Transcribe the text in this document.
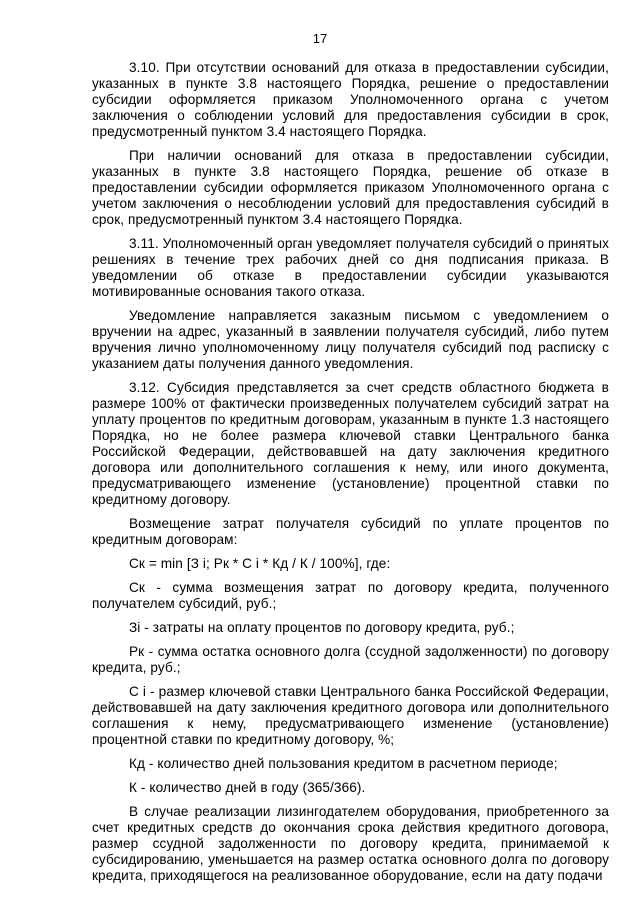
17

3.10. При отсутствии оснований для отказа в предоставлении субсидии, указанных в пункте 3.8 настоящего Порядка, решение о предоставлении субсидии оформляется приказом Уполномоченного органа с учетом заключения о соблюдении условий для предоставления субсидии в срок, предусмотренный пунктом 3.4 настоящего Порядка.

При наличии оснований для отказа в предоставлении субсидии, указанных в пункте 3.8 настоящего Порядка, решение об отказе в предоставлении субсидии оформляется приказом Уполномоченного органа с учетом заключения о несоблюдении условий для предоставления субсидий в срок, предусмотренный пунктом 3.4 настоящего Порядка.

3.11. Уполномоченный орган уведомляет получателя субсидий о принятых решениях в течение трех рабочих дней со дня подписания приказа. В уведомлении об отказе в предоставлении субсидии указываются мотивированные основания такого отказа.

Уведомление направляется заказным письмом с уведомлением о вручении на адрес, указанный в заявлении получателя субсидий, либо путем вручения лично уполномоченному лицу получателя субсидий под расписку с указанием даты получения данного уведомления.

3.12. Субсидия представляется за счет средств областного бюджета в размере 100% от фактически произведенных получателем субсидий затрат на уплату процентов по кредитным договорам, указанным в пункте 1.3 настоящего Порядка, но не более размера ключевой ставки Центрального банка Российской Федерации, действовавшей на дату заключения кредитного договора или дополнительного соглашения к нему, или иного документа, предусматривающего изменение (установление) процентной ставки по кредитному договору.

Возмещение затрат получателя субсидий по уплате процентов по кредитным договорам:

Ск = min [З i; Рк * С i * Кд / К / 100%], где:

Ск - сумма возмещения затрат по договору кредита, полученного получателем субсидий, руб.;

Зi - затраты на оплату процентов по договору кредита, руб.;

Рк - сумма остатка основного долга (ссудной задолженности) по договору кредита, руб.;

С i - размер ключевой ставки Центрального банка Российской Федерации, действовавшей на дату заключения кредитного договора или дополнительного соглашения к нему, предусматривающего изменение (установление) процентной ставки по кредитному договору, %;

Кд - количество дней пользования кредитом в расчетном периоде;

К - количество дней в году (365/366).

В случае реализации лизингодателем оборудования, приобретенного за счет кредитных средств до окончания срока действия кредитного договора, размер ссудной задолженности по договору кредита, принимаемой к субсидированию, уменьшается на размер остатка основного долга по договору кредита, приходящегося на реализованное оборудование, если на дату подачи
